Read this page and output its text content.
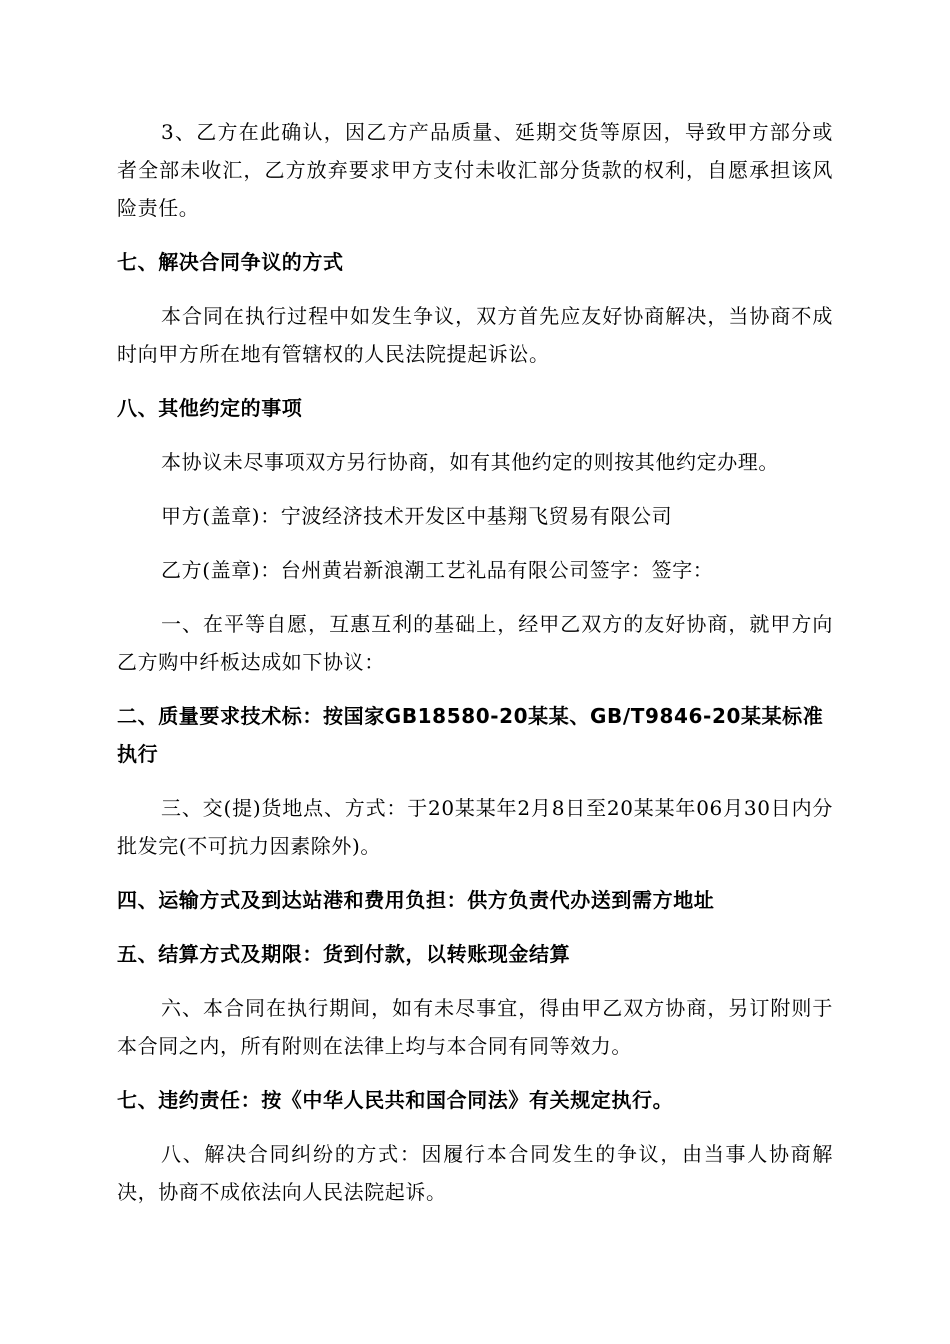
3、乙方在此确认，因乙方产品质量、延期交货等原因，导致甲方部分或者全部未收汇，乙方放弃要求甲方支付未收汇部分货款的权利，自愿承担该风险责任。

七、解决合同争议的方式

本合同在执行过程中如发生争议，双方首先应友好协商解决，当协商不成时向甲方所在地有管辖权的人民法院提起诉讼。

八、其他约定的事项

本协议未尽事项双方另行协商，如有其他约定的则按其他约定办理。

甲方(盖章)：宁波经济技术开发区中基翔飞贸易有限公司

乙方(盖章)：台州黄岩新浪潮工艺礼品有限公司签字：签字：

一、在平等自愿，互惠互利的基础上，经甲乙双方的友好协商，就甲方向乙方购中纤板达成如下协议：

二、质量要求技术标：按国家GB18580-20某某、GB/T9846-20某某标准执行

三、交(提)货地点、方式：于20某某年2月8日至20某某年06月30日内分批发完(不可抗力因素除外)。

四、运输方式及到达站港和费用负担：供方负责代办送到需方地址

五、结算方式及期限：货到付款，以转账现金结算

六、本合同在执行期间，如有未尽事宜，得由甲乙双方协商，另订附则于本合同之内，所有附则在法律上均与本合同有同等效力。

七、违约责任：按《中华人民共和国合同法》有关规定执行。

八、解决合同纠纷的方式：因履行本合同发生的争议，由当事人协商解决，协商不成依法向人民法院起诉。
